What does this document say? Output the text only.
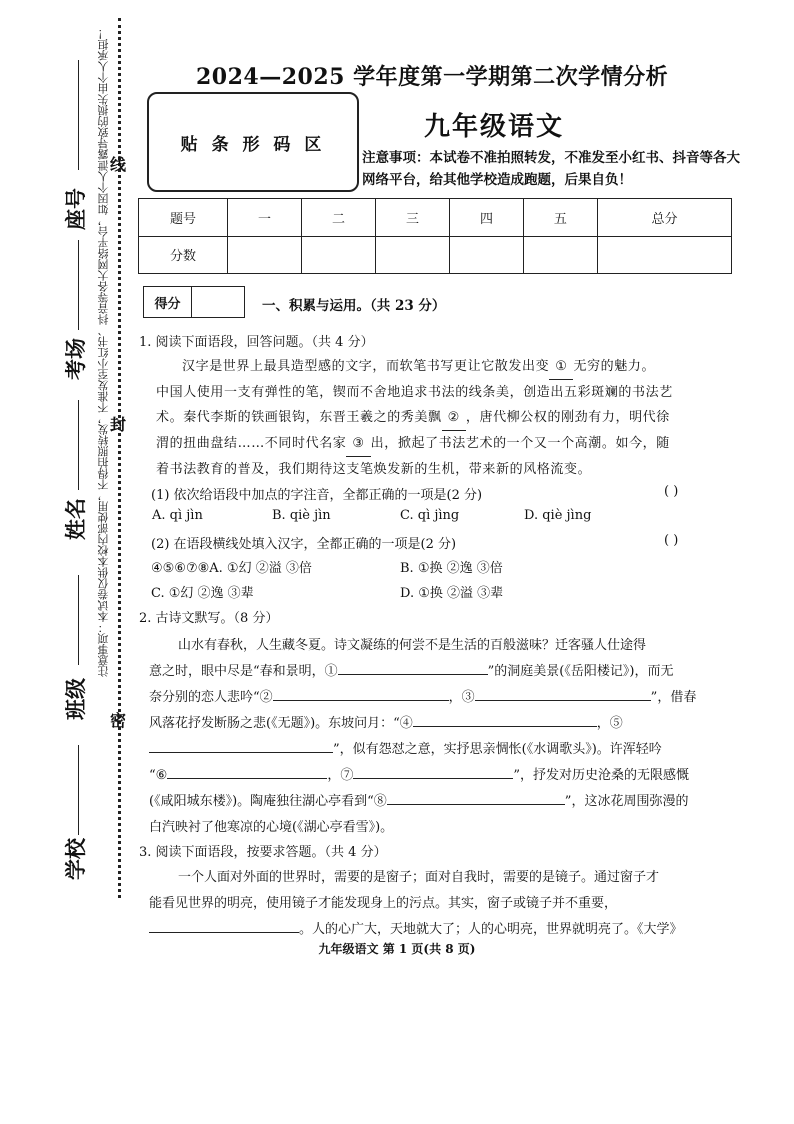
注意事项：本试卷仅供本校内部使用，不得拍照转发，不准发至小红书、抖音等各大网络平台，如因个人泄露导致的损失由个人承担！
座号
考场
姓名
班级
学校
线
封
密
2024—2025 学年度第一学期第二次学情分析
贴 条 形 码 区
九年级语文
注意事项：本试卷不准拍照转发，不准发至小红书、抖音等各大网络平台，给其他学校造成跑题，后果自负！
题号	一	二	三	四	五	总分
分数						
得分	一、积累与运用。（共 23 分）
1. 阅读下面语段，回答问题。（共 4 分）
汉字是世界上最具造型感的文字，而软笔书写更让它散发出变 ① 无穷的魅力。
中国人使用一支有弹性的笔，锲而不舍地追求书法的线条美，创造出五彩斑斓的书法艺
术。秦代李斯的铁画银钩，东晋王羲之的秀美飘 ② ，唐代柳公权的刚劲有力，明代徐
渭的扭曲盘结……不同时代名家 ③ 出，掀起了书法艺术的一个又一个高潮。如今，随
着书法教育的普及，我们期待这支笔焕发新的生机，带来新的风格流变。
(1) 依次给语段中加点的字注音，全都正确的一项是(2 分)	( )
A. qì jìn	B. qiè jìn	C. qì jìng	D. qiè jìng
(2) 在语段横线处填入汉字，全都正确的一项是(2 分)	( )
④⑤⑥⑦⑧A. ①幻 ②溢 ③倍	B. ①换 ②逸 ③倍
C. ①幻 ②逸 ③辈	D. ①换 ②溢 ③辈
2. 古诗文默写。（8 分）
山水有春秋，人生藏冬夏。诗文凝练的何尝不是生活的百般滋味？迁客骚人仕途得
意之时，眼中尽是“春和景明，①	”的洞庭美景(《岳阳楼记》)，而无
奈分别的恋人悲吟“②	，③	”，借春
风落花抒发断肠之悲(《无题》)。东坡问月：“④	，⑤
”，似有怨怼之意，实抒思亲惆怅(《水调歌头》)。许浑轻吟
“⑥	，⑦	”，抒发对历史沧桑的无限感慨
(《咸阳城东楼》)。陶庵独往湖心亭看到“⑧	”，这冰花周围弥漫的
白汽映衬了他寒凉的心境(《湖心亭看雪》)。
3. 阅读下面语段，按要求答题。（共 4 分）
一个人面对外面的世界时，需要的是窗子；面对自我时，需要的是镜子。通过窗子才
能看见世界的明亮，使用镜子才能发现身上的污点。其实，窗子或镜子并不重要，
。人的心广大，天地就大了；人的心明亮，世界就明亮了。《大学》
九年级语文 第 1 页(共 8 页)
